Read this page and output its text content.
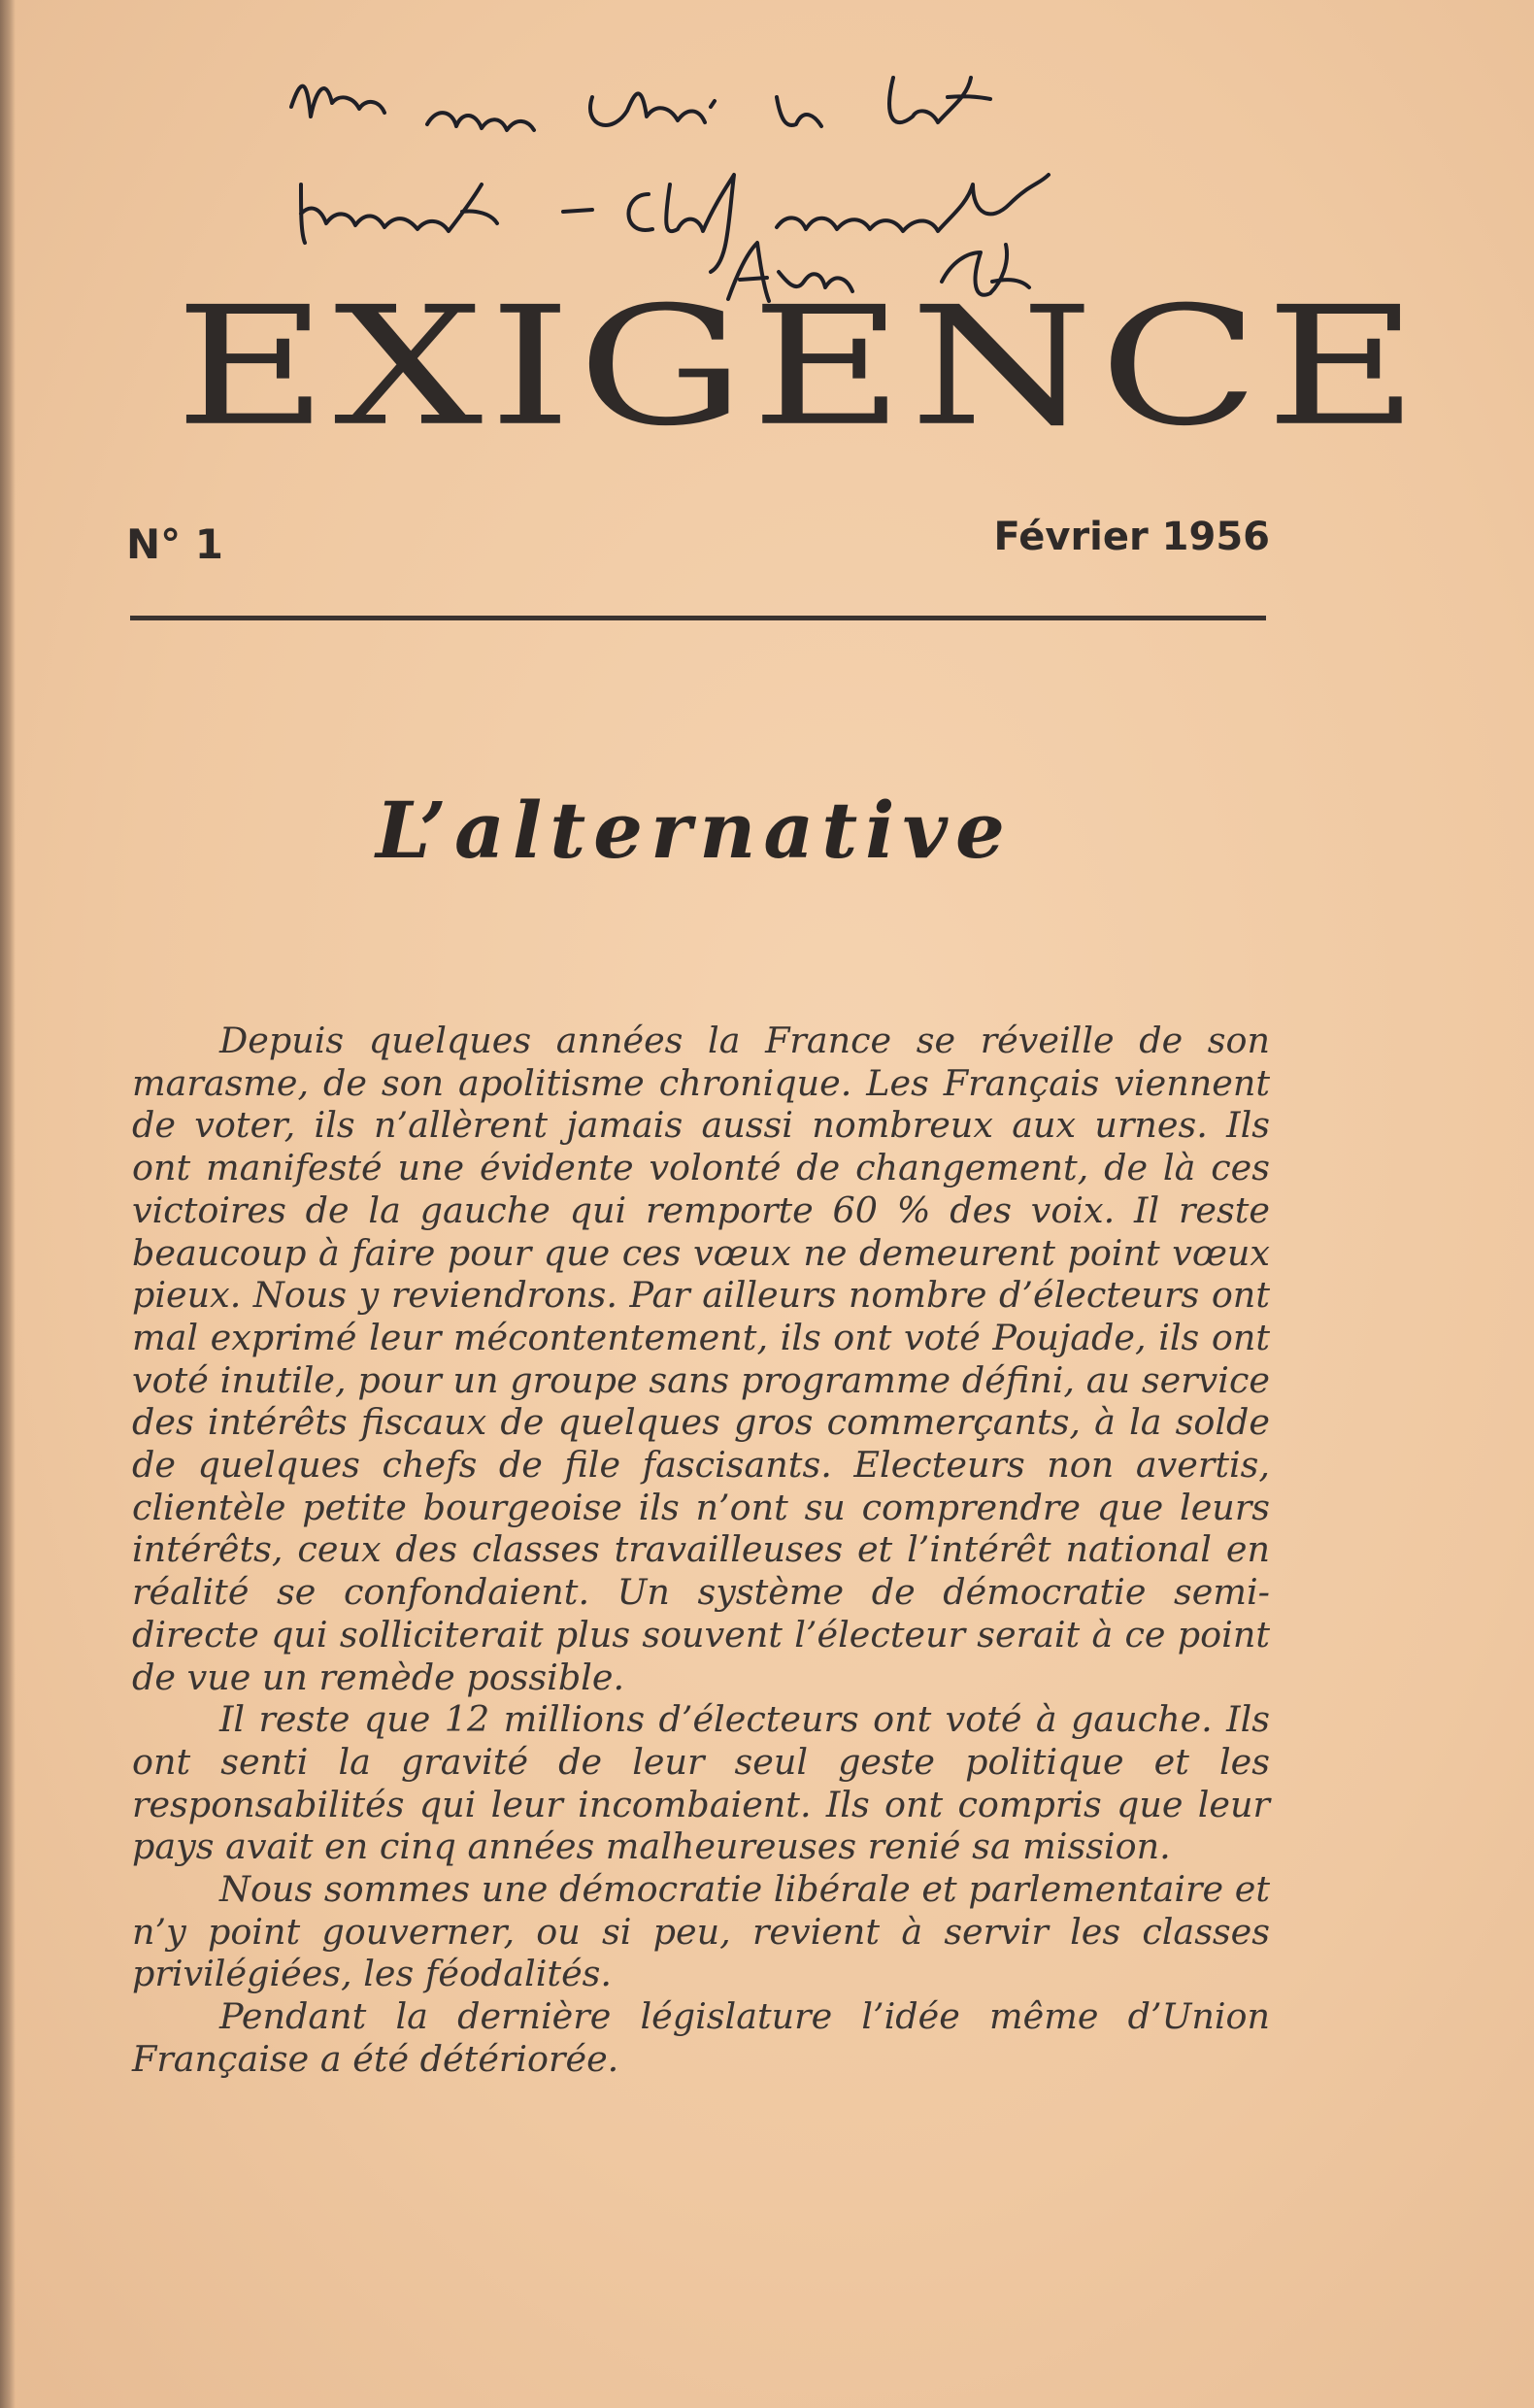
EXIGENCE
N° 1	Février 1956
L’alternative

Depuis quelques années la France se réveille de son marasme, de son apolitisme chronique. Les Français viennent de voter, ils n’allèrent jamais aussi nombreux aux urnes. Ils ont manifesté une évidente volonté de changement, de là ces victoires de la gauche qui remporte 60 % des voix. Il reste beaucoup à faire pour que ces vœux ne demeurent point vœux pieux. Nous y reviendrons. Par ailleurs nombre d’électeurs ont mal exprimé leur mécontentement, ils ont voté Poujade, ils ont voté inutile, pour un groupe sans programme défini, au service des intérêts fiscaux de quelques gros commerçants, à la solde de quelques chefs de file fascisants. Electeurs non avertis, clientèle petite bourgeoise ils n’ont su comprendre que leurs intérêts, ceux des classes travailleuses et l’intérêt national en réalité se confondaient. Un système de démocratie semi-directe qui solliciterait plus souvent l’électeur serait à ce point de vue un remède possible.

Il reste que 12 millions d’électeurs ont voté à gauche. Ils ont senti la gravité de leur seul geste politique et les responsabilités qui leur incombaient. Ils ont compris que leur pays avait en cinq années malheureuses renié sa mission.

Nous sommes une démocratie libérale et parlementaire et n’y point gouverner, ou si peu, revient à servir les classes privilégiées, les féodalités.

Pendant la dernière législature l’idée même d’Union Française a été détériorée.
